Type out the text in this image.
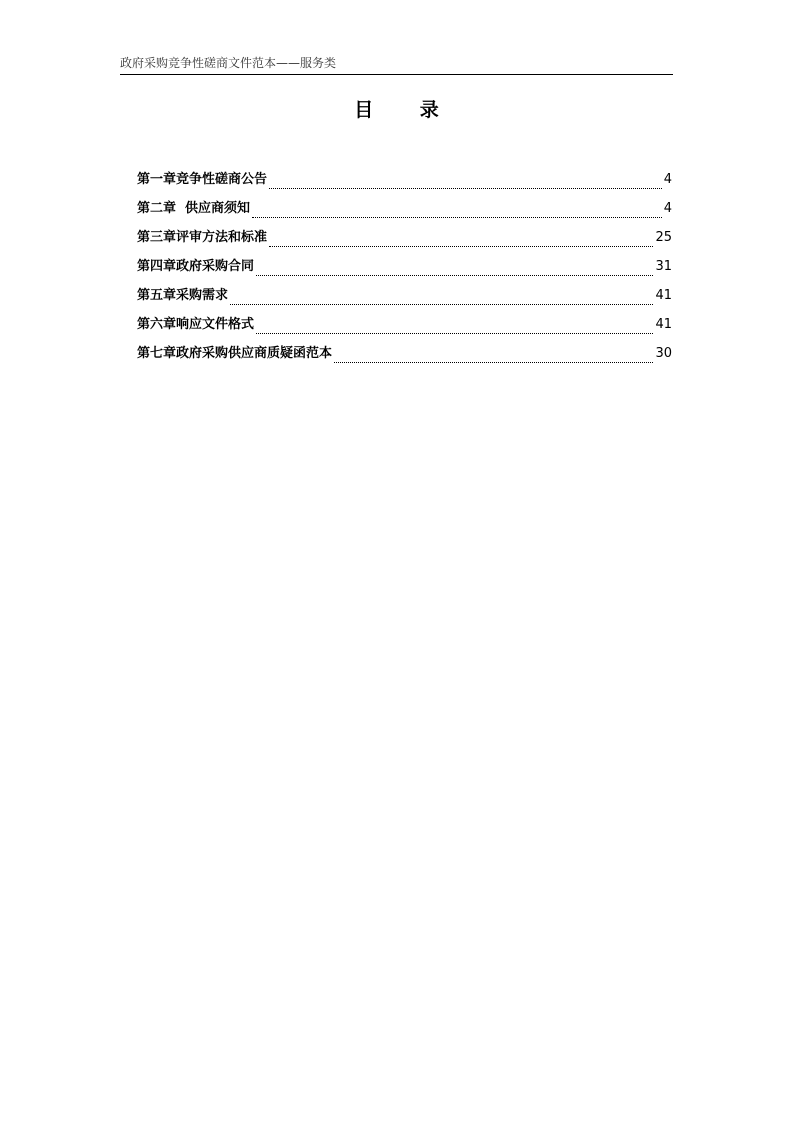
政府采购竞争性磋商文件范本——服务类
目 录
第一章竞争性磋商公告	4
第二章  供应商须知	4
第三章评审方法和标准	25
第四章政府采购合同	31
第五章采购需求	41
第六章响应文件格式	41
第七章政府采购供应商质疑函范本	30
